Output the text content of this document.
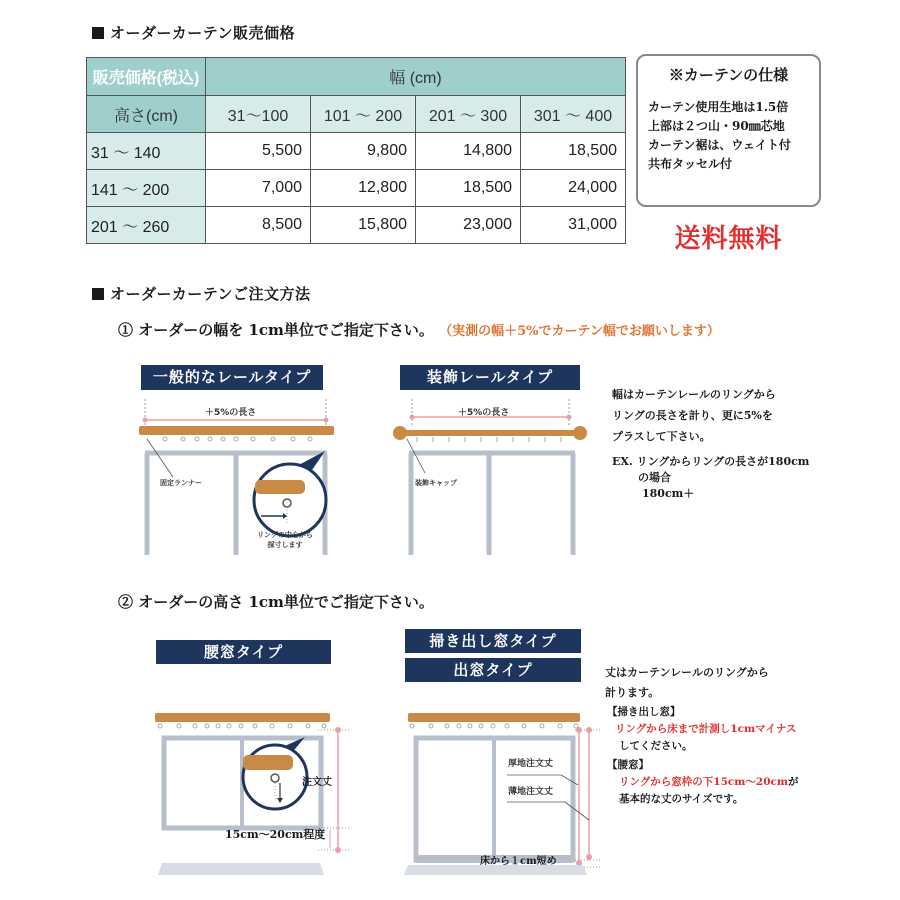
オーダーカーテン販売価格
販売価格(税込)	幅 (cm)			
高さ(cm)	31〜100	101 〜 200	201 〜 300	301 〜 400
31 〜 140	5,500	9,800	14,800	18,500
141 〜 200	7,000	12,800	18,500	24,000
201 〜 260	8,500	15,800	23,000	31,000
※カーテンの仕様
カーテン使用生地は1.5倍
上部は２つ山・90㎜芯地
カーテン裾は、ウェイト付
共布タッセル付
送料無料
オーダーカーテンご注文方法
① オーダーの幅を 1cm単位でご指定下さい。 （実測の幅＋5%でカーテン幅でお願いします）
一般的なレールタイプ
＋5%の長さ
固定ランナー
リングの中心から
採寸します
装飾レールタイプ
＋5%の長さ
装飾キャップ
幅はカーテンレールのリングから
リングの長さを計り、更に5%を
プラスして下さい。
EX. リングからリングの長さが180cm
の場合
180cm＋
② オーダーの高さ 1cm単位でご指定下さい。
腰窓タイプ
掃き出し窓タイプ
出窓タイプ
注文丈
15cm〜20cm程度
厚地注文丈
薄地注文丈
床から１cm短め
丈はカーテンレールのリングから
計ります。
【掃き出し窓】
リングから床まで計測し1cmマイナス
してください。
【腰窓】
リングから窓枠の下15cm〜20cmが
基本的な丈のサイズです。
